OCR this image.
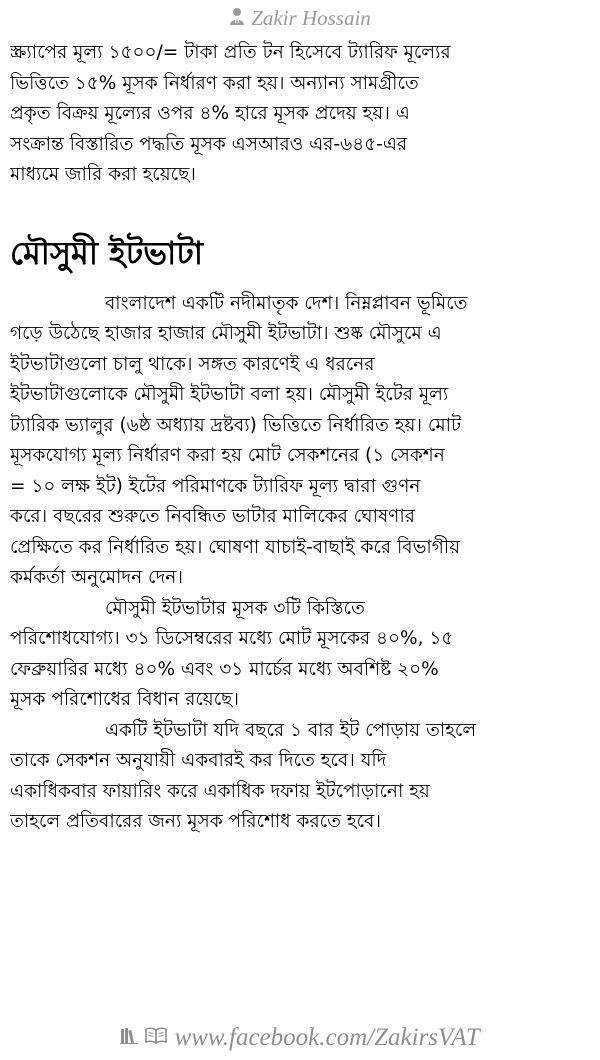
Zakir Hossain
স্ক্র্যাপের মূল্য ১৫০০/= টাকা প্রতি টন হিসেবে ট্যারিফ মূল্যের
ভিত্তিতে ১৫% মূসক নির্ধারণ করা হয়। অন্যান্য সামগ্রীতে
প্রকৃত বিক্রয় মূল্যের ওপর ৪% হারে মূসক প্রদেয় হয়। এ
সংক্রান্ত বিস্তারিত পদ্ধতি মূসক এসআরও এর-৬৪৫-এর
মাধ্যমে জারি করা হয়েছে।
মৌসুমী ইটভাটা
বাংলাদেশ একটি নদীমাতৃক দেশ। নিম্নপ্লাবন ভূমিতে
গড়ে উঠেছে হাজার হাজার মৌসুমী ইটভাটা। শুষ্ক মৌসুমে এ
ইটভাটাগুলো চালু থাকে। সঙ্গত কারণেই এ ধরনের
ইটভাটাগুলোকে মৌসুমী ইটভাটা বলা হয়। মৌসুমী ইটের মূল্য
ট্যারিক ভ্যালুর (৬ষ্ঠ অধ্যায় দ্রষ্টব্য) ভিত্তিতে নির্ধারিত হয়। মোট
মূসকযোগ্য মূল্য নির্ধারণ করা হয় মোট সেকশনের (১ সেকশন
= ১০ লক্ষ ইট) ইটের পরিমাণকে ট্যারিফ মূল্য দ্বারা গুণন
করে। বছরের শুরুতে নিবন্ধিত ভাটার মালিকের ঘোষণার
প্রেক্ষিতে কর নির্ধারিত হয়। ঘোষণা যাচাই-বাছাই করে বিভাগীয়
কর্মকর্তা অনুমোদন দেন।
মৌসুমী ইটভাটার মূসক ৩টি কিস্তিতে
পরিশোধযোগ্য। ৩১ ডিসেম্বরের মধ্যে মোট মূসকের ৪০%, ১৫
ফেব্রুয়ারির মধ্যে ৪০% এবং ৩১ মার্চের মধ্যে অবশিষ্ট ২০%
মূসক পরিশোধের বিধান রয়েছে।
একটি ইটভাটা যদি বছরে ১ বার ইট পোড়ায় তাহলে
তাকে সেকশন অনুযায়ী একবারই কর দিতে হবে। যদি
একাধিকবার ফায়ারিং করে একাধিক দফায় ইটপোড়ানো হয়
তাহলে প্রতিবারের জন্য মূসক পরিশোধ করতে হবে।
www.facebook.com/ZakirsVAT
